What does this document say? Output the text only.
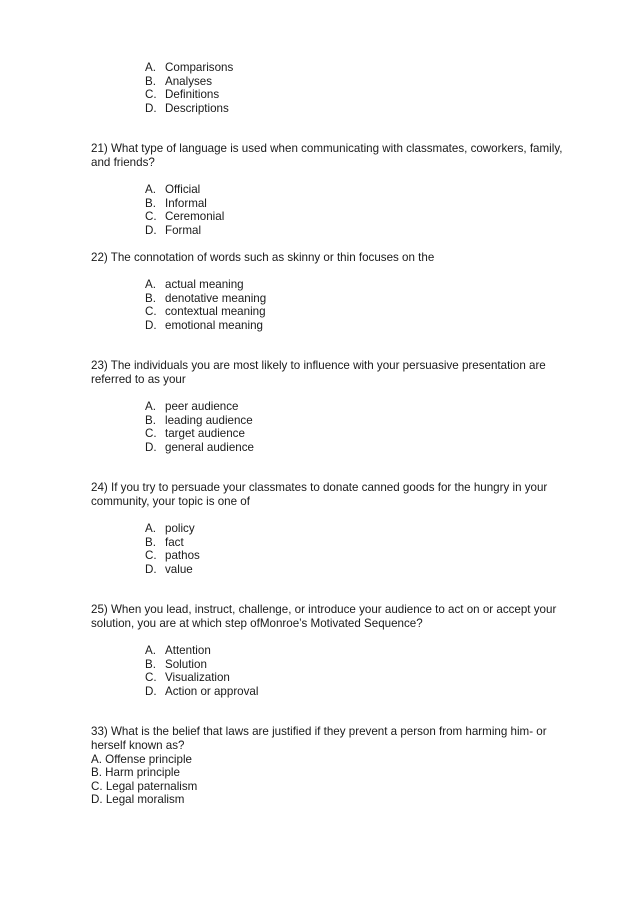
A. Comparisons
B. Analyses
C. Definitions
D. Descriptions
21) What type of language is used when communicating with classmates, coworkers, family,
and friends?
A. Official
B. Informal
C. Ceremonial
D. Formal
22) The connotation of words such as skinny or thin focuses on the
A. actual meaning
B. denotative meaning
C. contextual meaning
D. emotional meaning
23) The individuals you are most likely to influence with your persuasive presentation are
referred to as your
A. peer audience
B. leading audience
C. target audience
D. general audience
24) If you try to persuade your classmates to donate canned goods for the hungry in your
community, your topic is one of
A. policy
B. fact
C. pathos
D. value
25) When you lead, instruct, challenge, or introduce your audience to act on or accept your
solution, you are at which step ofMonroe’s Motivated Sequence?
A. Attention
B. Solution
C. Visualization
D. Action or approval
33) What is the belief that laws are justified if they prevent a person from harming him- or
herself known as?
A. Offense principle
B. Harm principle
C. Legal paternalism
D. Legal moralism
